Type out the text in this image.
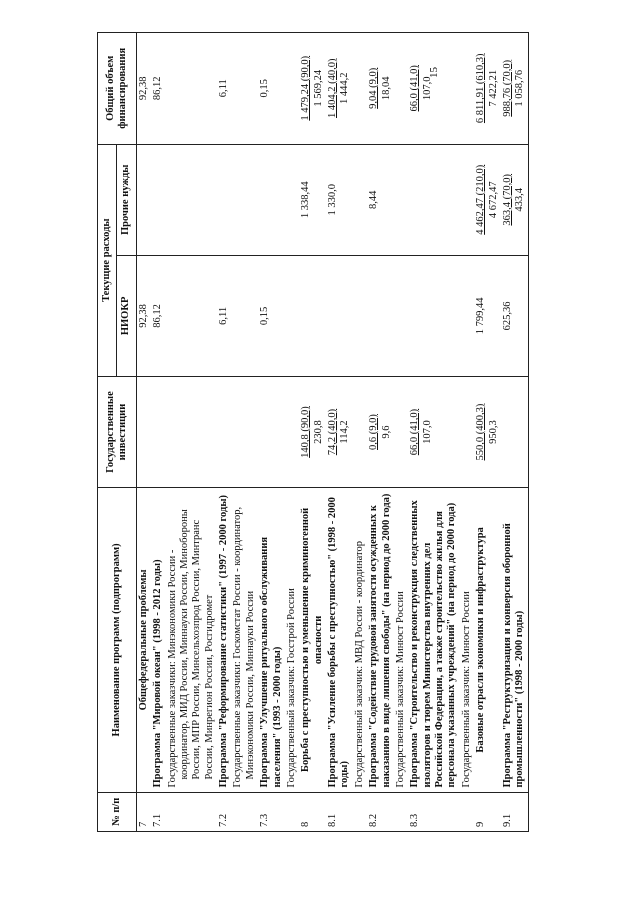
15
№ п/п	Наименование программ (подпрограмм)	Государственные инвестиции	Текущие расходы		Общий объем финансирования
			НИОКР	Прочие нужды	
7	Общефедеральные проблемы		92,38		92,38

7.1	Программа "Мировой океан" (1998 - 2012 годы)		86,12		86,12

	Государственные заказчики: Минэкономики России - координатор, МИД России, Миннауки России, Минобороны России, МПР России, Минсельхозпрод России, Минтранс России, Минрегион России, Росгидромет				
7.2	Программа "Реформирование статистики" (1997 - 2000 годы)		6,11		6,11

	Государственные заказчики: Госкомстат России - координатор, Минэкономики России, Миннауки России				
7.3	Программа "Улучшение ритуального обслуживания населения" (1993 - 2000 годы)		0,15		0,15

	Государственный заказчик: Госстрой России				
8	Борьба с преступностью и уменьшение криминогенной опасности	140,8 (90,0) 230,8		1 338,44	1 479,24 (90,0) 1 569,24

8.1	Программа "Усиление борьбы с преступностью" (1998 - 2000 годы)	74,2 (40,0) 114,2		1 330,0	1 404,2 (40,0) 1 444,2

	Государственный заказчик: МВД России - координатор				
8.2	Программа "Содействие трудовой занятости осужденных к наказанию в виде лишения свободы" (на период до 2000 года)	0,6 (9,0) 9,6		8,44	9,04 (9,0) 18,04

	Государственный заказчик: Минюст России				
8.3	Программа "Строительство и реконструкция следственных изоляторов и тюрем Министерства внутренних дел Российской Федерации, а также строительство жилья для персонала указанных учреждений" (на период до 2000 года)	66,0 (41,0) 107,0			66,0 (41,0) 107,0

	Государственный заказчик: Минюст России				
9	Базовые отрасли экономики и инфраструктура	550,0 (400,3) 950,3	1 799,44	4 462,47 (210,0) 4 672,47	6 811,91 (610,3) 7 422,21

9.1	Программа "Реструктуризация и конверсия оборонной промышленности" (1998 - 2000 годы)		625,36	363,4 (70,0) 433,4	988,76 (70,0) 1 058,76
